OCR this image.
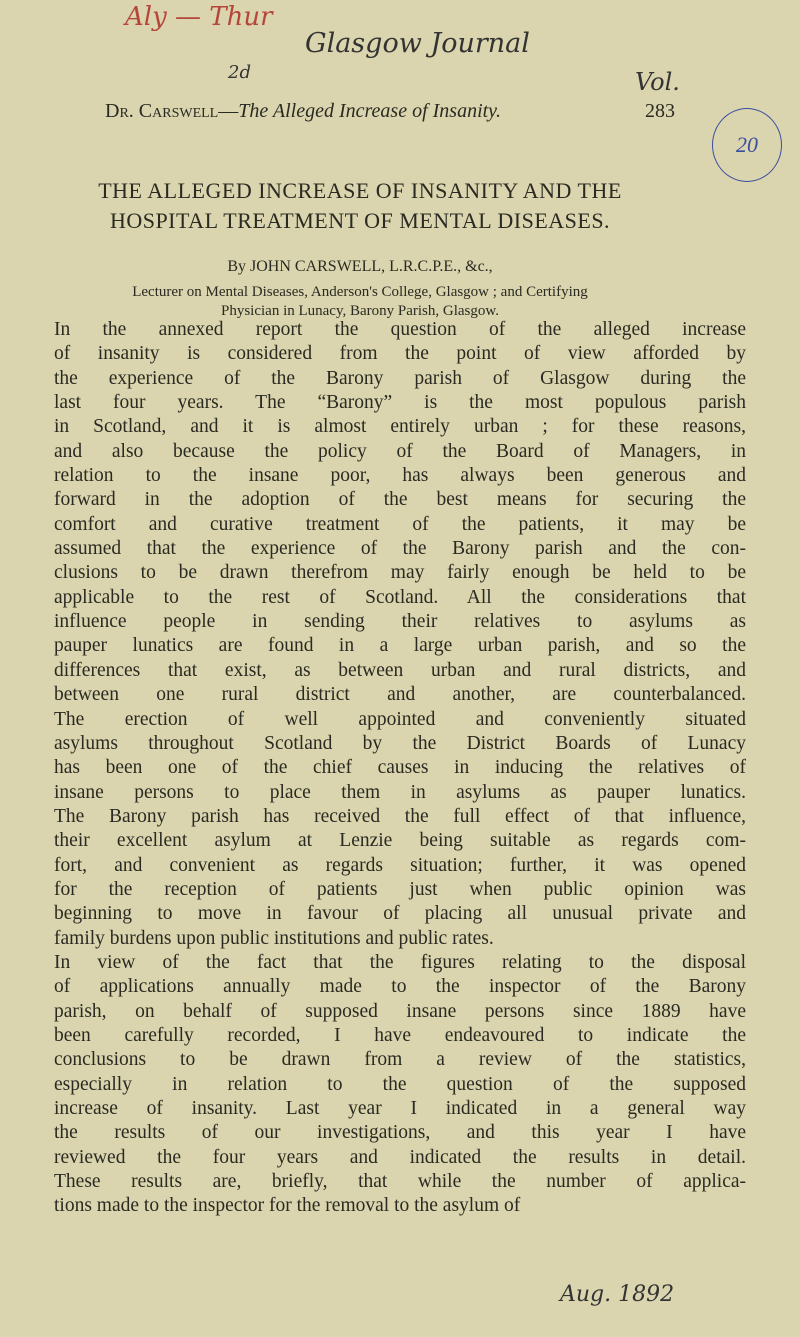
Aly — Thur
2d
Glasgow Journal
Vol.
20
Dr. Carswell—The Alleged Increase of Insanity.	283
THE ALLEGED INCREASE OF INSANITY AND THE
HOSPITAL TREATMENT OF MENTAL DISEASES.
By JOHN CARSWELL, L.R.C.P.E., &c.,
Lecturer on Mental Diseases, Anderson's College, Glasgow ; and Certifying
Physician in Lunacy, Barony Parish, Glasgow.
In the annexed report the question of the alleged increase
of insanity is considered from the point of view afforded by
the experience of the Barony parish of Glasgow during the
last four years. The “Barony” is the most populous parish
in Scotland, and it is almost entirely urban ; for these reasons,
and also because the policy of the Board of Managers, in
relation to the insane poor, has always been generous and
forward in the adoption of the best means for securing the
comfort and curative treatment of the patients, it may be
assumed that the experience of the Barony parish and the con-
clusions to be drawn therefrom may fairly enough be held to be
applicable to the rest of Scotland. All the considerations that
influence people in sending their relatives to asylums as
pauper lunatics are found in a large urban parish, and so the
differences that exist, as between urban and rural districts, and
between one rural district and another, are counterbalanced.
The erection of well appointed and conveniently situated
asylums throughout Scotland by the District Boards of Lunacy
has been one of the chief causes in inducing the relatives of
insane persons to place them in asylums as pauper lunatics.
The Barony parish has received the full effect of that influence,
their excellent asylum at Lenzie being suitable as regards com-
fort, and convenient as regards situation; further, it was opened
for the reception of patients just when public opinion was
beginning to move in favour of placing all unusual private and
family burdens upon public institutions and public rates.
In view of the fact that the figures relating to the disposal
of applications annually made to the inspector of the Barony
parish, on behalf of supposed insane persons since 1889 have
been carefully recorded, I have endeavoured to indicate the
conclusions to be drawn from a review of the statistics,
especially in relation to the question of the supposed
increase of insanity. Last year I indicated in a general way
the results of our investigations, and this year I have
reviewed the four years and indicated the results in detail.
These results are, briefly, that while the number of applica-
tions made to the inspector for the removal to the asylum of
Aug. 1892
